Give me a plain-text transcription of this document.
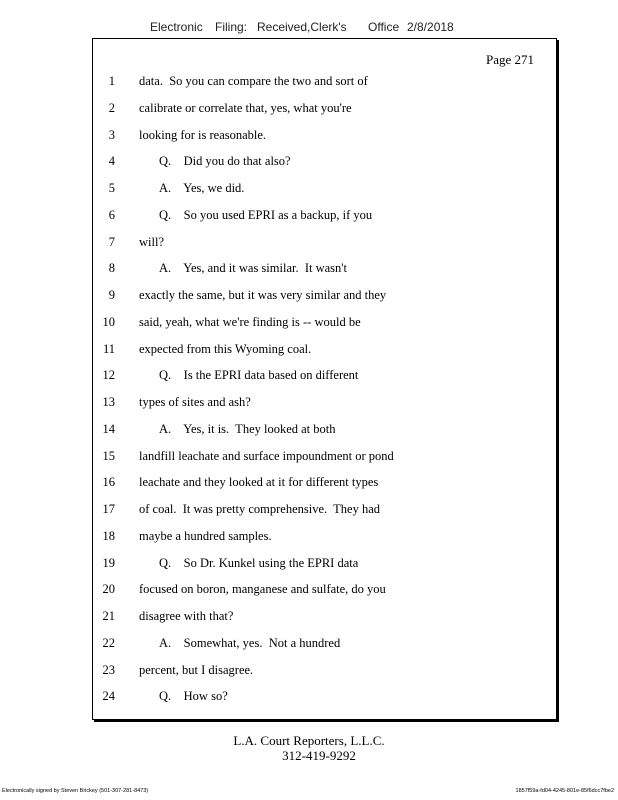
Electronic Filing: Received,Clerk's Office 2/8/2018
Page 271
1 data.  So you can compare the two and sort of
2 calibrate or correlate that, yes, what you're
3 looking for is reasonable.
4	Q.    Did you do that also?
5	A.    Yes, we did.
6	Q.    So you used EPRI as a backup, if you
7 will?
8	A.    Yes, and it was similar.  It wasn't
9 exactly the same, but it was very similar and they
10 said, yeah, what we're finding is -- would be
11 expected from this Wyoming coal.
12	Q.    Is the EPRI data based on different
13 types of sites and ash?
14	A.    Yes, it is.  They looked at both
15 landfill leachate and surface impoundment or pond
16 leachate and they looked at it for different types
17 of coal.  It was pretty comprehensive.  They had
18 maybe a hundred samples.
19	Q.    So Dr. Kunkel using the EPRI data
20 focused on boron, manganese and sulfate, do you
21 disagree with that?
22	A.    Somewhat, yes.  Not a hundred
23 percent, but I disagree.
24	Q.    How so?
L.A. Court Reporters, L.L.C.
312-419-9292
Electronically signed by Steven Brickey (501-307-281-8473)	1857f59a-fd04-4245-801e-85f6dcc7fbe2
